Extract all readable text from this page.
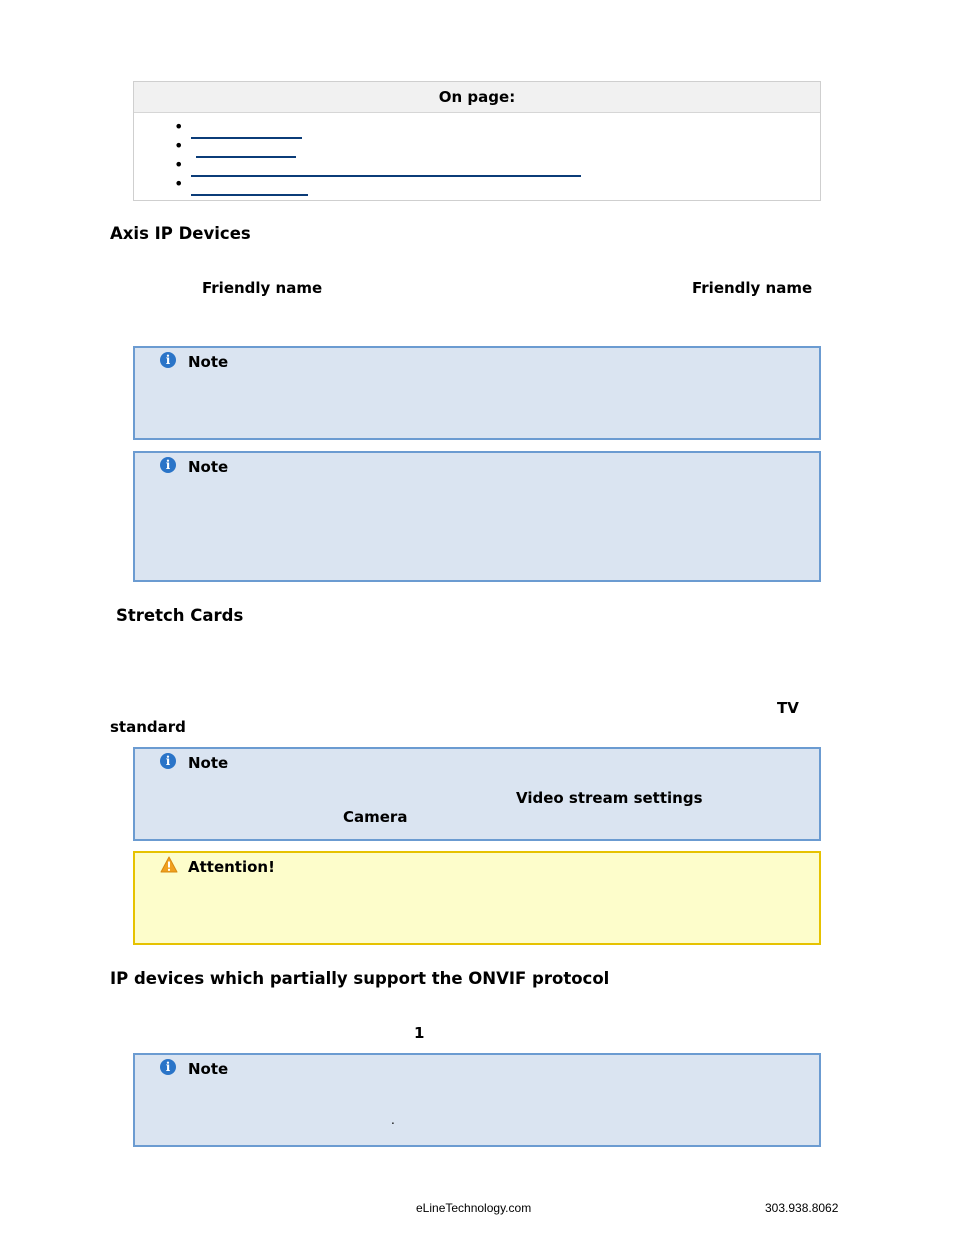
On page:
•
•
•
•
Axis IP Devices
Friendly name	Friendly name
i	Note
i	Note
Stretch Cards
TV
standard
i	Note
Video stream settings
Camera
Attention!
IP devices which partially support the ONVIF protocol
1
i	Note
.
eLineTechnology.com	303.938.8062
